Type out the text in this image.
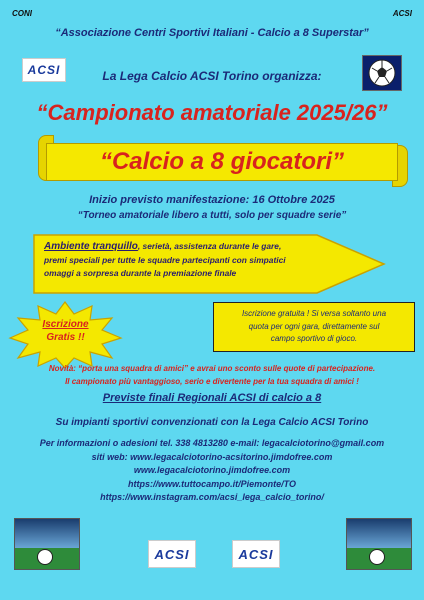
CONI	ACSI
“Associazione Centri Sportivi Italiani - Calcio a 8 Superstar”
ACSI	La Lega Calcio ACSI Torino organizza:
“Campionato amatoriale 2025/26”
“Calcio a 8 giocatori”
Inizio previsto manifestazione: 16 Ottobre 2025
“Torneo amatoriale libero a tutti, solo per squadre serie”
Ambiente tranquillo, serietà, assistenza durante le gare,
premi speciali per tutte le squadre partecipanti con simpatici
omaggi a sorpresa durante la premiazione finale

Iscrizione gratuita ! Si versa soltanto una
quota per ogni gara, direttamente sul
campo sportivo di gioco.

Iscrizione
Gratis !!
Novità: “porta una squadra di amici” e avrai uno sconto sulle quote di partecipazione.
Il campionato più vantaggioso, serio e divertente per la tua squadra di amici !
Previste finali Regionali ACSI di calcio a 8
Su impianti sportivi convenzionati con la Lega Calcio ACSI Torino
Per informazioni o adesioni tel. 338 4813280 e-mail: legacalciotorino@gmail.com
siti web: www.legacalciotorino-acsitorino.jimdofree.com
www.legacalciotorino.jimdofree.com
https://www.tuttocampo.it/Piemonte/TO
https://www.instagram.com/acsi_lega_calcio_torino/
ACSI	ACSI
